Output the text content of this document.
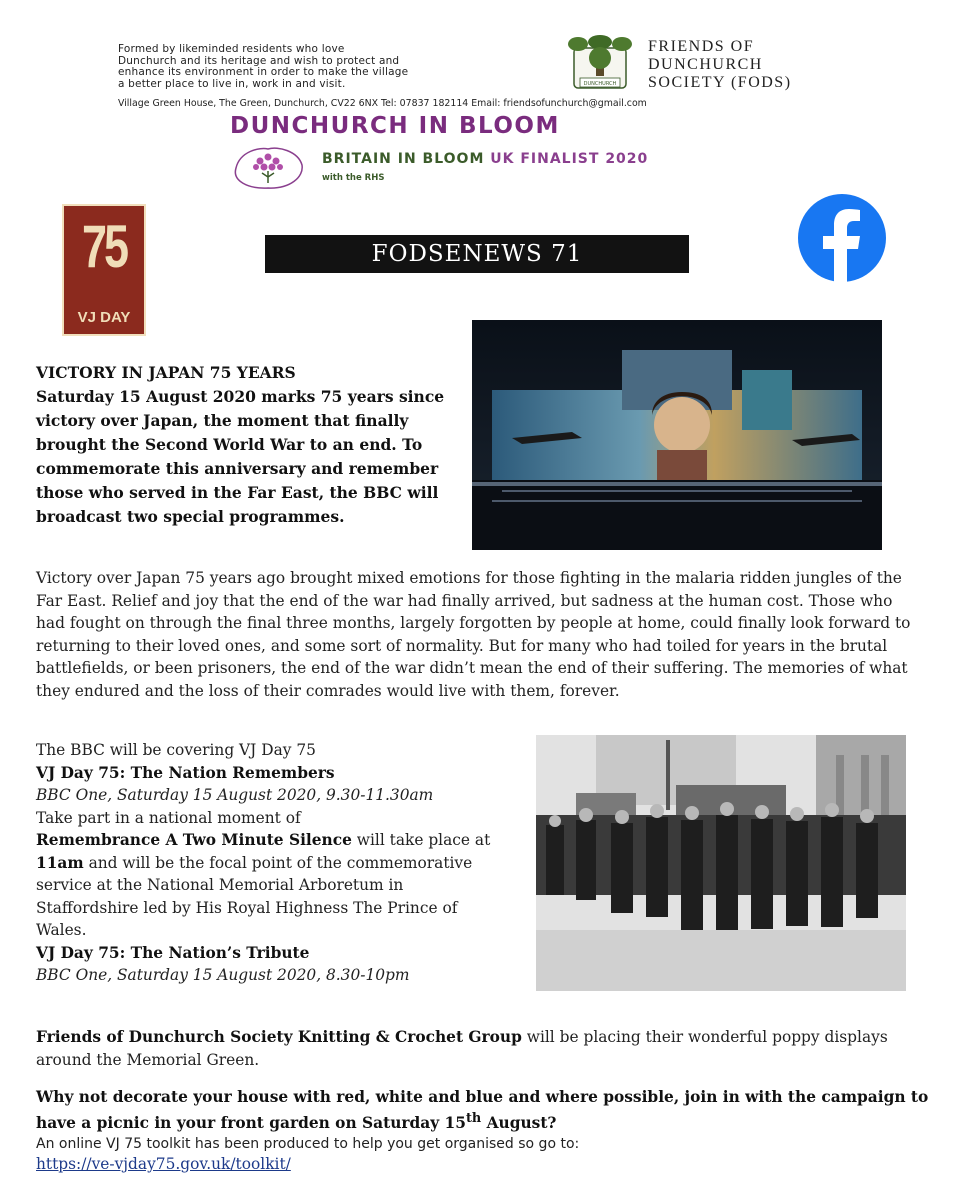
Formed by likeminded residents who love
Dunchurch and its heritage and wish to protect and
enhance its environment in order to make the village
a better place to live in, work in and visit.	DUNCHURCH
FRIENDS OF
DUNCHURCH
SOCIETY (FODS)
Village Green House, The Green, Dunchurch, CV22 6NX Tel: 07837 182114 Email: friendsofunchurch@gmail.com
DUNCHURCH IN BLOOM
BRITAIN IN BLOOM UK FINALIST 2020
with the RHS
75
VJ DAY
FODSENEWS 71
VICTORY IN JAPAN 75 YEARS
Saturday 15 August 2020 marks 75 years since victory over Japan, the moment that finally brought the Second World War to an end. To commemorate this anniversary and remember those who served in the Far East, the BBC will broadcast two special programmes.
Victory over Japan 75 years ago brought mixed emotions for those fighting in the malaria ridden jungles of the Far East. Relief and joy that the end of the war had finally arrived, but sadness at the human cost. Those who had fought on through the final three months, largely forgotten by people at home, could finally look forward to returning to their loved ones, and some sort of normality. But for many who had toiled for years in the brutal battlefields, or been prisoners, the end of the war didn’t mean the end of their suffering. The memories of what they endured and the loss of their comrades would live with them, forever.
The BBC will be covering VJ Day 75
VJ Day 75: The Nation Remembers
BBC One, Saturday 15 August 2020, 9.30-11.30am
Take part in a national moment of
Remembrance A Two Minute Silence will take place at 11am and will be the focal point of the commemorative service at the National Memorial Arboretum in Staffordshire led by His Royal Highness The Prince of Wales.
VJ Day 75: The Nation’s Tribute
BBC One, Saturday 15 August 2020, 8.30-10pm
Friends of Dunchurch Society Knitting & Crochet Group will be placing their wonderful poppy displays around the Memorial Green.
Why not decorate your house with red, white and blue and where possible, join in with the campaign to have a picnic in your front garden on Saturday 15th August?
An online VJ 75 toolkit has been produced to help you get organised so go to:
https://ve-vjday75.gov.uk/toolkit/
